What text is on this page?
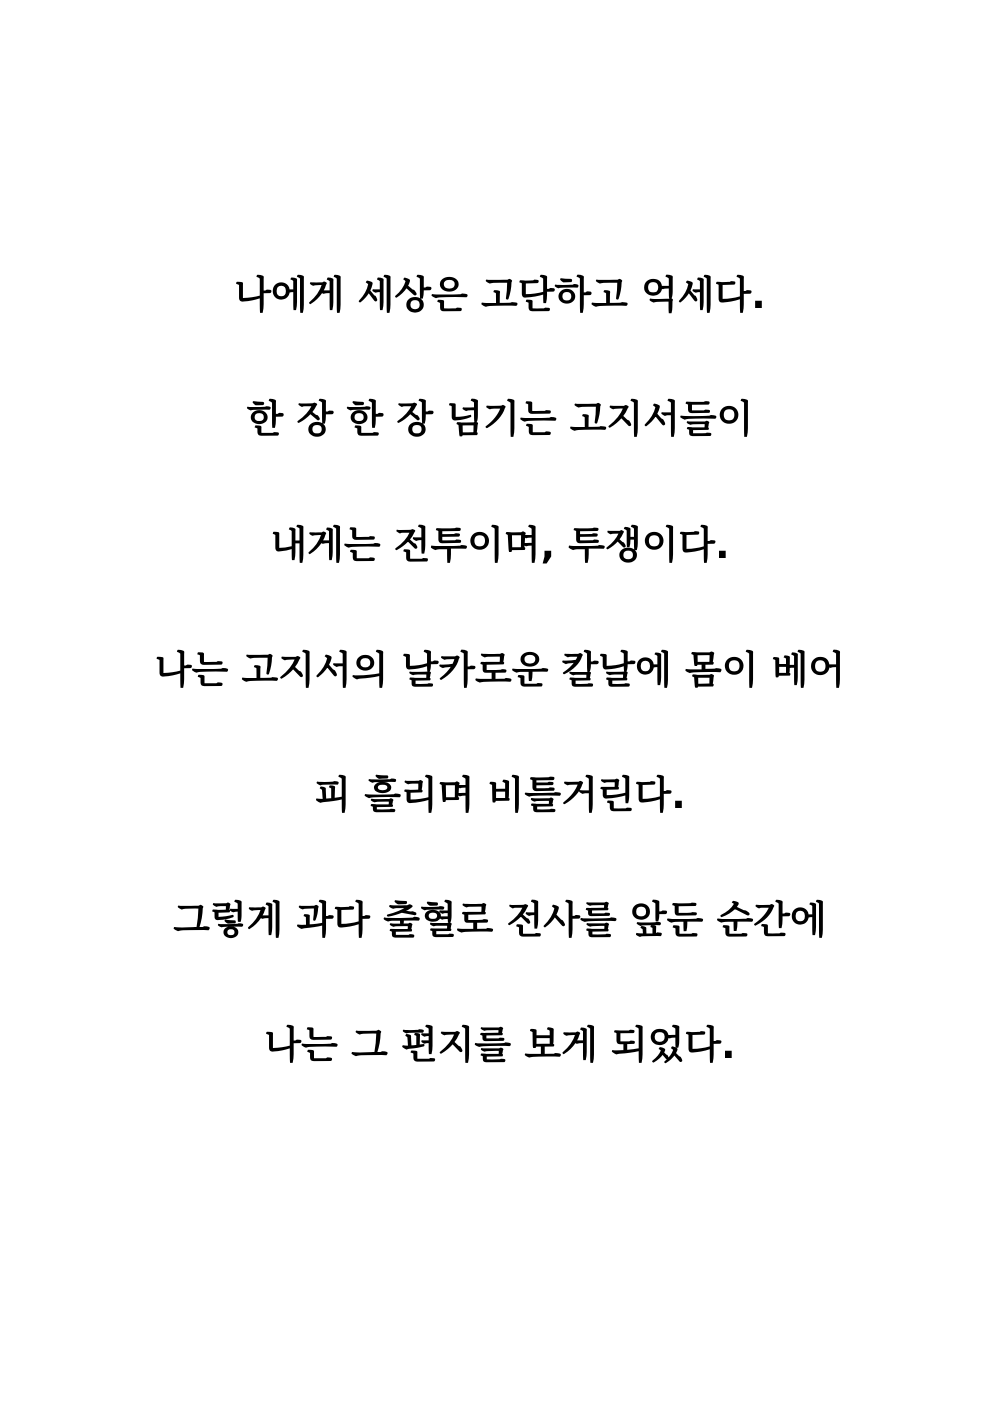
나에게 세상은 고단하고 억세다.
한 장 한 장 넘기는 고지서들이
내게는 전투이며, 투쟁이다.
나는 고지서의 날카로운 칼날에 몸이 베어
피 흘리며 비틀거린다.
그렇게 과다 출혈로 전사를 앞둔 순간에
나는 그 편지를 보게 되었다.
